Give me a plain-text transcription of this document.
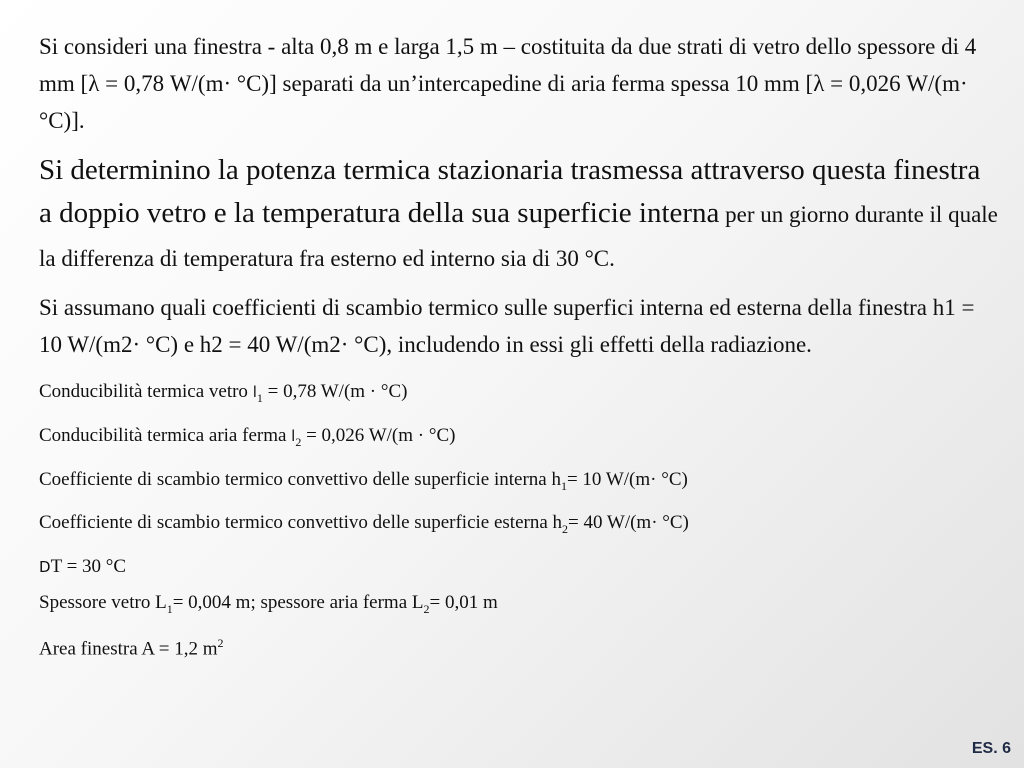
Si consideri una finestra - alta 0,8 m e larga 1,5 m – costituita da due strati di vetro dello spessore di 4 mm [λ = 0,78 W/(m· °C)] separati da un’intercapedine di aria ferma spessa 10 mm [λ = 0,026 W/(m· °C)].

Si determinino la potenza termica stazionaria trasmessa attraverso questa finestra a doppio vetro e la temperatura della sua superficie interna per un giorno durante il quale la differenza di temperatura fra esterno ed interno sia di 30 °C.

Si assumano quali coefficienti di scambio termico sulle superfici interna ed esterna della finestra h1 = 10 W/(m2· °C) e h2 = 40 W/(m2· °C), includendo in essi gli effetti della radiazione.

Conducibilità termica vetro $l_1 = 0,78$ W/(m · °C)

Conducibilità termica aria ferma $l_2 = 0,026$ W/(m · °C)

Coefficiente di scambio termico convettivo delle superficie interna $h_1= 10$ W/(m· °C)

Coefficiente di scambio termico convettivo delle superficie esterna $h_2= 40$ W/(m· °C)

DT = 30 °C

Spessore vetro $L_1= 0,004$ m; spessore aria ferma $L_2= 0,01$ m

Area finestra A = 1,2 $m^2$

ES. 6
